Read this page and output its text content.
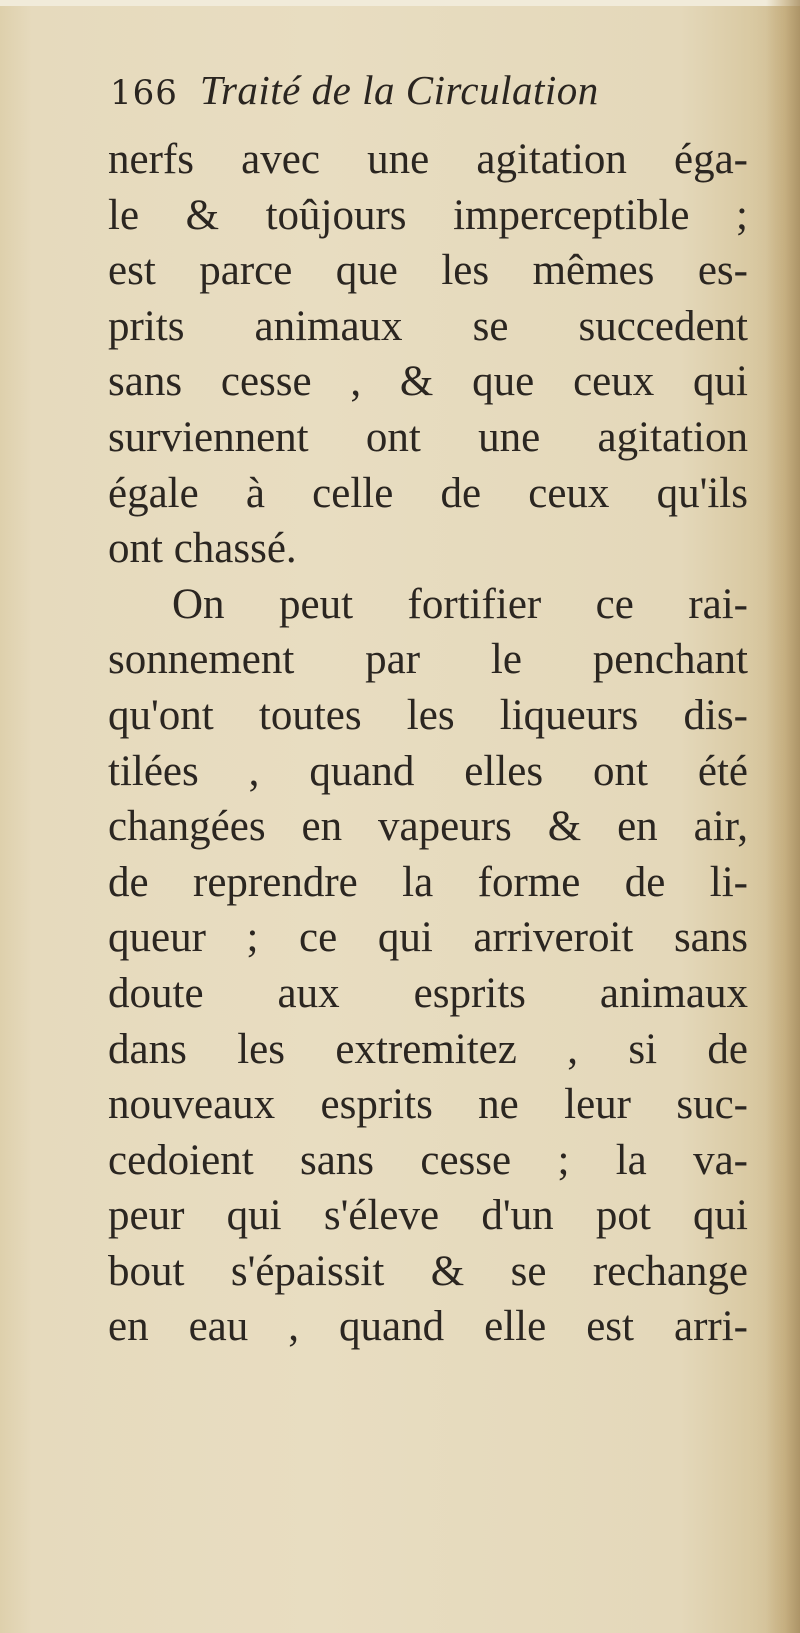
166 Traité de la Circulation
nerfs avec une agitation éga-
le & toûjours imperceptible ;
est parce que les mêmes es-
prits animaux se succedent
sans cesse , & que ceux qui
surviennent ont une agitation
égale à celle de ceux qu'ils
ont chassé.
On peut fortifier ce rai-
sonnement par le penchant
qu'ont toutes les liqueurs dis-
tilées , quand elles ont été
changées en vapeurs & en air,
de reprendre la forme de li-
queur ; ce qui arriveroit sans
doute aux esprits animaux
dans les extremitez , si de
nouveaux esprits ne leur suc-
cedoient sans cesse ; la va-
peur qui s'éleve d'un pot qui
bout s'épaissit & se rechange
en eau , quand elle est arri-
